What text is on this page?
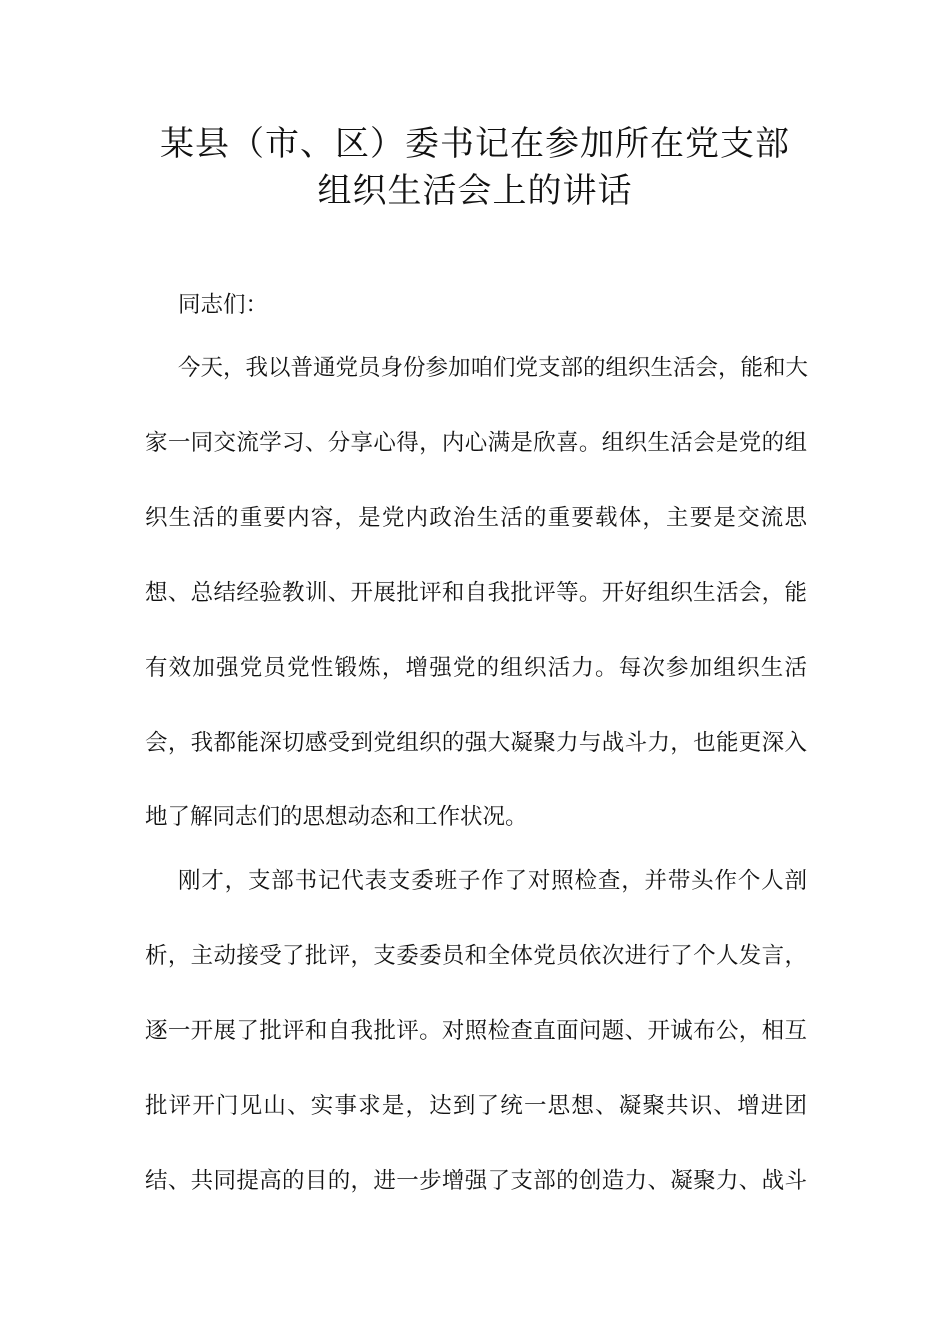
某县（市、区）委书记在参加所在党支部
组织生活会上的讲话
同志们：
今天，我以普通党员身份参加咱们党支部的组织生活会，能和大
家一同交流学习、分享心得，内心满是欣喜。组织生活会是党的组
织生活的重要内容，是党内政治生活的重要载体，主要是交流思
想、总结经验教训、开展批评和自我批评等。开好组织生活会，能
有效加强党员党性锻炼，增强党的组织活力。每次参加组织生活
会，我都能深切感受到党组织的强大凝聚力与战斗力，也能更深入
地了解同志们的思想动态和工作状况。
刚才，支部书记代表支委班子作了对照检查，并带头作个人剖
析，主动接受了批评，支委委员和全体党员依次进行了个人发言，
逐一开展了批评和自我批评。对照检查直面问题、开诚布公，相互
批评开门见山、实事求是，达到了统一思想、凝聚共识、增进团
结、共同提高的目的，进一步增强了支部的创造力、凝聚力、战斗
